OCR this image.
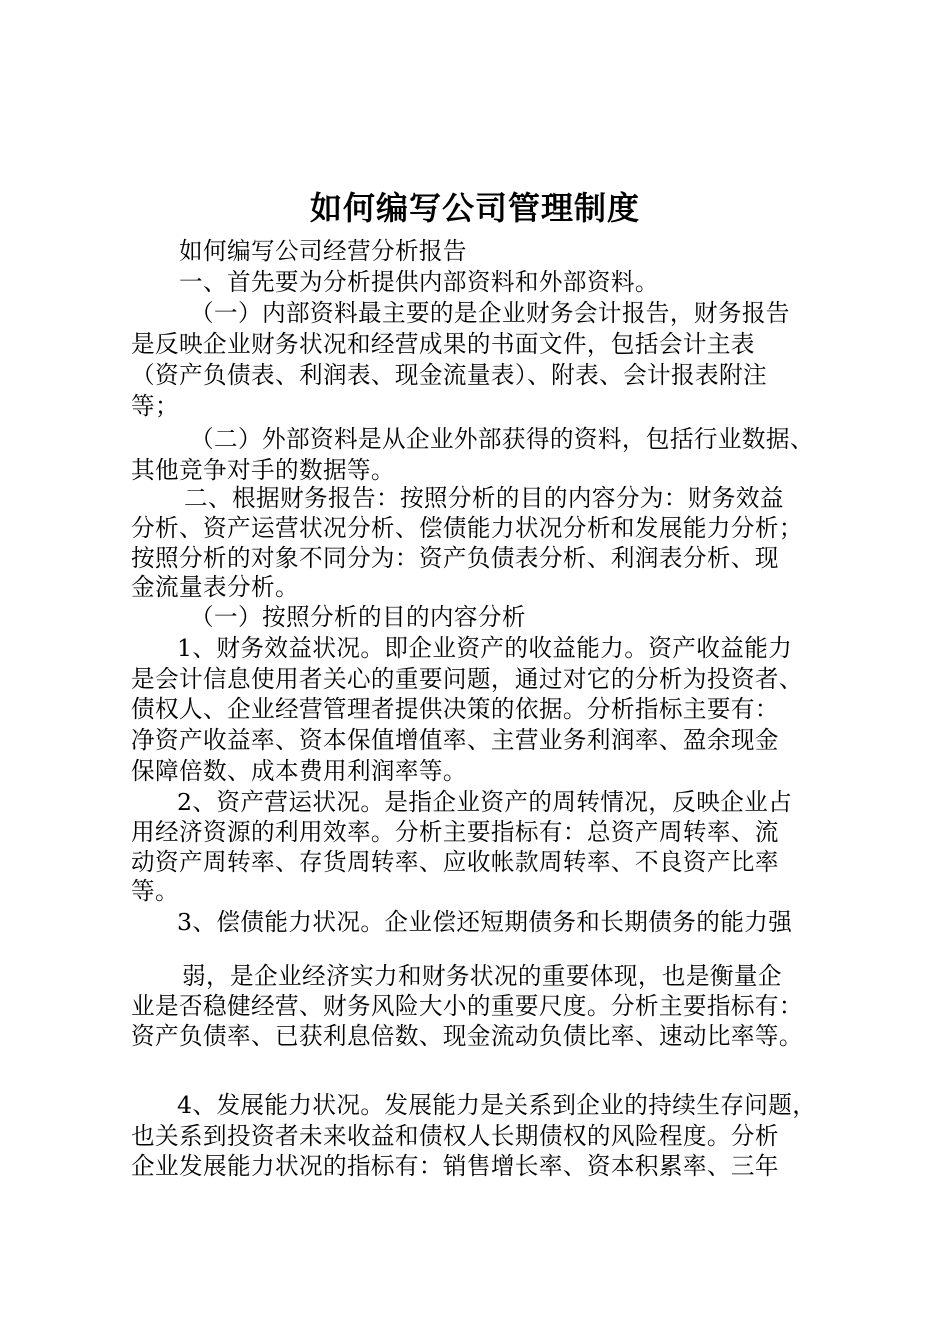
如何编写公司管理制度
如何编写公司经营分析报告
一、首先要为分析提供内部资料和外部资料。
（一）内部资料最主要的是企业财务会计报告，财务报告
是反映企业财务状况和经营成果的书面文件，包括会计主表
（资产负债表、利润表、现金流量表）、附表、会计报表附注
等；
（二）外部资料是从企业外部获得的资料，包括行业数据、
其他竞争对手的数据等。
二、根据财务报告：按照分析的目的内容分为：财务效益
分析、资产运营状况分析、偿债能力状况分析和发展能力分析；
按照分析的对象不同分为：资产负债表分析、利润表分析、现
金流量表分析。
（一）按照分析的目的内容分析
1、财务效益状况。即企业资产的收益能力。资产收益能力
是会计信息使用者关心的重要问题，通过对它的分析为投资者、
债权人、企业经营管理者提供决策的依据。分析指标主要有：
净资产收益率、资本保值增值率、主营业务利润率、盈余现金
保障倍数、成本费用利润率等。
2、资产营运状况。是指企业资产的周转情况，反映企业占
用经济资源的利用效率。分析主要指标有：总资产周转率、流
动资产周转率、存货周转率、应收帐款周转率、不良资产比率
等。
3、偿债能力状况。企业偿还短期债务和长期债务的能力强
弱，是企业经济实力和财务状况的重要体现，也是衡量企
业是否稳健经营、财务风险大小的重要尺度。分析主要指标有：
资产负债率、已获利息倍数、现金流动负债比率、速动比率等。
4、发展能力状况。发展能力是关系到企业的持续生存问题，
也关系到投资者未来收益和债权人长期债权的风险程度。分析
企业发展能力状况的指标有：销售增长率、资本积累率、三年
